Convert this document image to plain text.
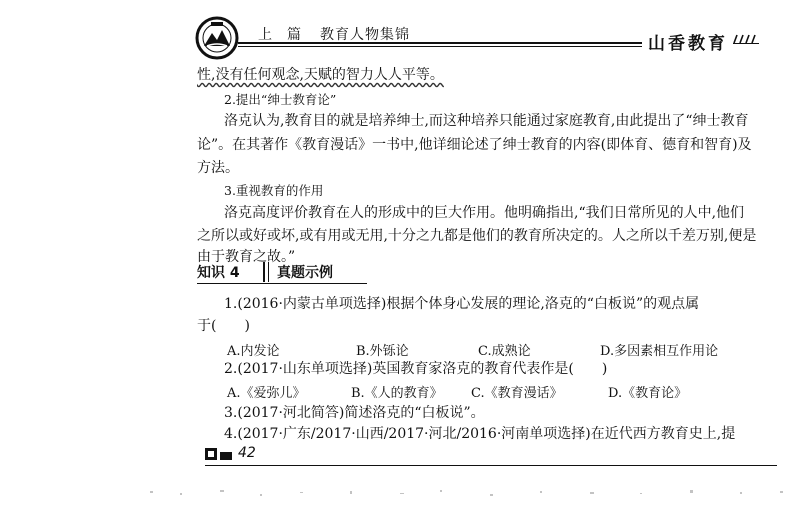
上 篇 教育人物集锦	山香教育
性,没有任何观念,天赋的智力人人平等。
2.提出“绅士教育论”
洛克认为,教育目的就是培养绅士,而这种培养只能通过家庭教育,由此提出了“绅士教育
论”。在其著作《教育漫话》一书中,他详细论述了绅士教育的内容(即体育、德育和智育)及
方法。
3.重视教育的作用
洛克高度评价教育在人的形成中的巨大作用。他明确指出,“我们日常所见的人中,他们
之所以或好或坏,或有用或无用,十分之九都是他们的教育所决定的。人之所以千差万别,便是
由于教育之故。”
知识 4	真题示例
1.(2016·内蒙古单项选择)根据个体身心发展的理论,洛克的“白板说”的观点属
于(　　)
A.内发论	B.外铄论	C.成熟论	D.多因素相互作用论
2.(2017·山东单项选择)英国教育家洛克的教育代表作是(　　)
A.《爱弥儿》	B.《人的教育》 C.《教育漫话》	D.《教育论》
3.(2017·河北简答)简述洛克的“白板说”。
4.(2017·广东/2017·山西/2017·河北/2016·河南单项选择)在近代西方教育史上,提
42
